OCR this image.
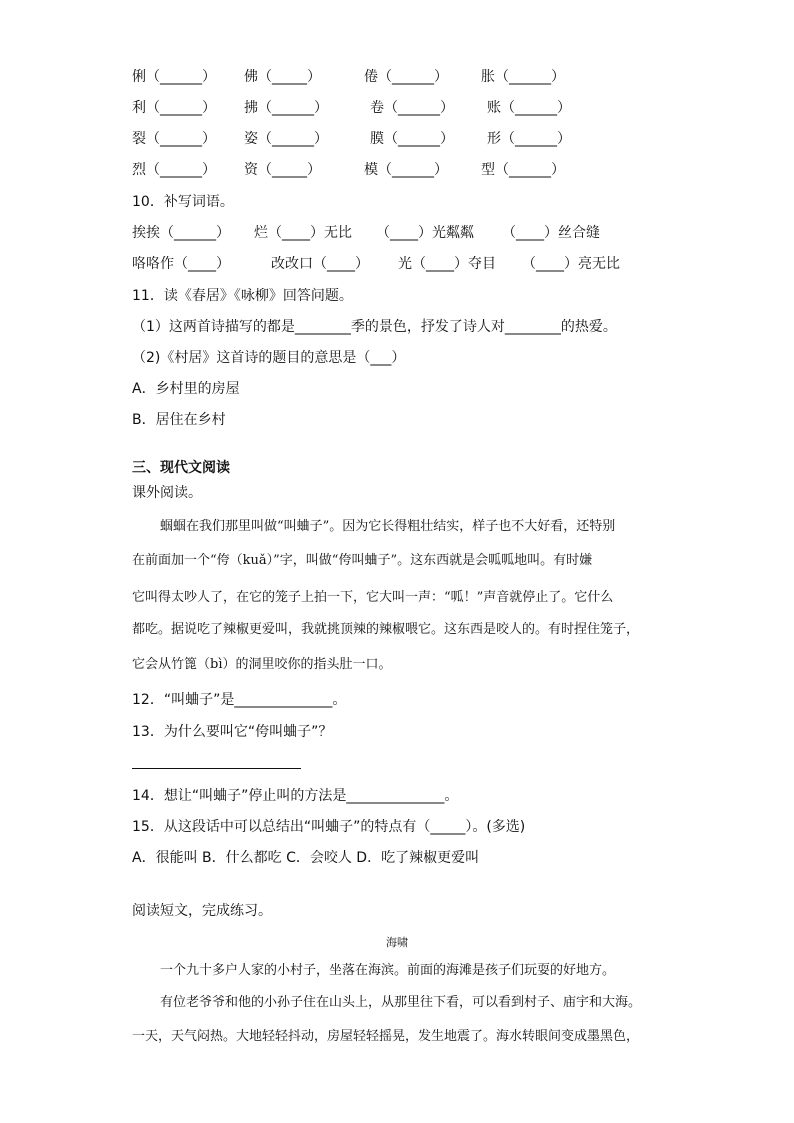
俐（______） 佛（_____）	倦（______） 胀（______）
利（______） 拂（______）	卷（______） 账（______）
裂（______） 姿（______）	膜（______） 形（______）
烈（______） 资（_____）	模（______） 型（______）
10．补写词语。
挨挨（______） 烂（____）无比 （____）光粼粼 （____）丝合缝
咯咯作（____）	改改口（____） 光（____）夺目 （____）亮无比
11．读《春居》《咏柳》回答问题。
（1）这两首诗描写的都是________季的景色，抒发了诗人对________的热爱。
（2)《村居》这首诗的题目的意思是（___）
A．乡村里的房屋
B．居住在乡村
三、现代文阅读
课外阅读。
蝈蝈在我们那里叫做“叫蛐子”。因为它长得粗壮结实，样子也不大好看，还特别
在前面加一个“侉（kuǎ）”字，叫做“侉叫蛐子”。这东西就是会呱呱地叫。有时嫌
它叫得太吵人了，在它的笼子上拍一下，它大叫一声：“呱！”声音就停止了。它什么
都吃。据说吃了辣椒更爱叫，我就挑顶辣的辣椒喂它。这东西是咬人的。有时捏住笼子，
它会从竹篦（bì）的洞里咬你的指头肚一口。
12．“叫蛐子”是______________。
13．为什么要叫它“侉叫蛐子”？
14．想让“叫蛐子”停止叫的方法是______________。
15．从这段话中可以总结出“叫蛐子”的特点有（_____）。(多选)
A．很能叫 B．什么都吃 C．会咬人 D．吃了辣椒更爱叫
阅读短文，完成练习。
海啸
一个九十多户人家的小村子，坐落在海滨。前面的海滩是孩子们玩耍的好地方。
有位老爷爷和他的小孙子住在山头上，从那里往下看，可以看到村子、庙宇和大海。
一天，天气闷热。大地轻轻抖动，房屋轻轻摇晃，发生地震了。海水转眼间变成墨黑色，
